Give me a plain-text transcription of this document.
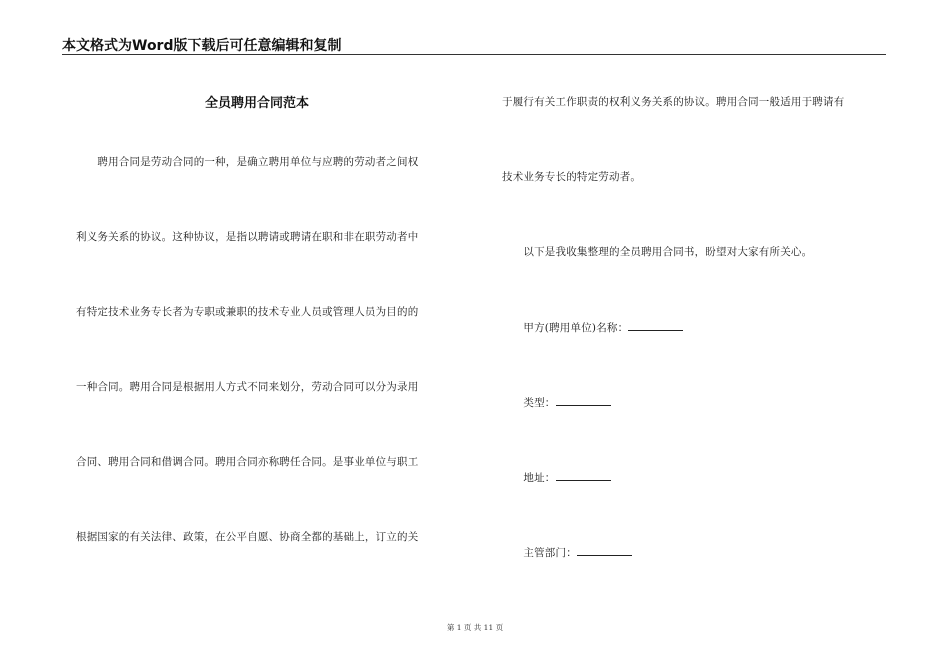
本文格式为Word版下载后可任意编辑和复制
全员聘用合同范本
　　聘用合同是劳动合同的一种，是确立聘用单位与应聘的劳动者之间权
利义务关系的协议。这种协议，是指以聘请或聘请在职和非在职劳动者中
有特定技术业务专长者为专职或兼职的技术专业人员或管理人员为目的的
一种合同。聘用合同是根据用人方式不同来划分，劳动合同可以分为录用
合同、聘用合同和借调合同。聘用合同亦称聘任合同。是事业单位与职工
根据国家的有关法律、政策，在公平自愿、协商全都的基础上，订立的关
于履行有关工作职责的权利义务关系的协议。聘用合同一般适用于聘请有
技术业务专长的特定劳动者。
　　以下是我收集整理的全员聘用合同书，盼望对大家有所关心。
　　甲方(聘用单位)名称：
　　类型：
　　地址：
　　主管部门：
第 1 页 共 11 页
